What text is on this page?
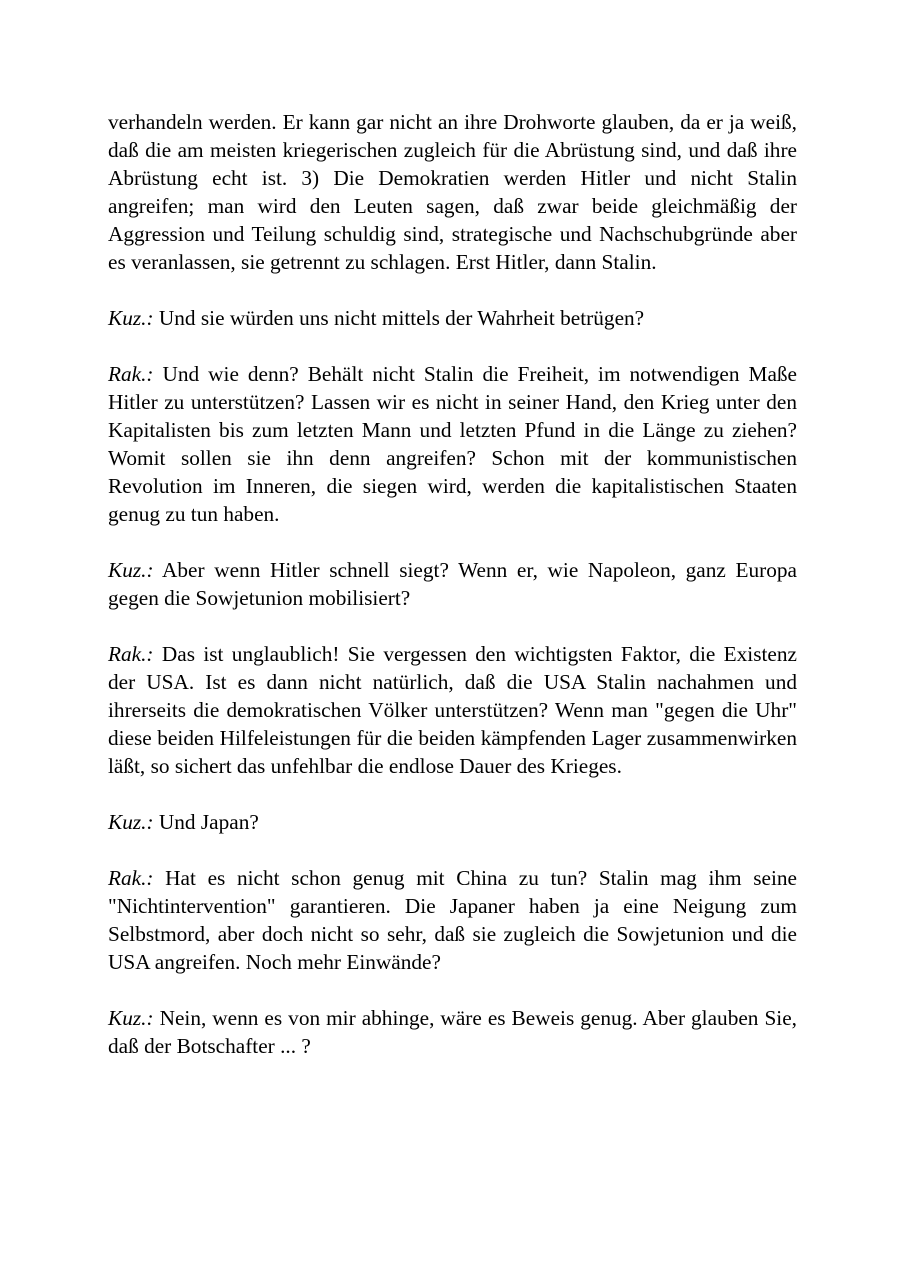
verhandeln werden. Er kann gar nicht an ihre Drohworte glauben, da er ja weiß, daß die am meisten kriegerischen zugleich für die Abrüstung sind, und daß ihre Abrüstung echt ist. 3) Die Demokratien werden Hitler und nicht Stalin angreifen; man wird den Leuten sagen, daß zwar beide gleichmäßig der Aggression und Teilung schuldig sind, strategische und Nachschubgründe aber es veranlassen, sie getrennt zu schlagen. Erst Hitler, dann Stalin.

Kuz.: Und sie würden uns nicht mittels der Wahrheit betrügen?

Rak.: Und wie denn? Behält nicht Stalin die Freiheit, im notwendigen Maße Hitler zu unterstützen? Lassen wir es nicht in seiner Hand, den Krieg unter den Kapitalisten bis zum letzten Mann und letzten Pfund in die Länge zu ziehen? Womit sollen sie ihn denn angreifen? Schon mit der kommunistischen Revolution im Inneren, die siegen wird, werden die kapitalistischen Staaten genug zu tun haben.

Kuz.: Aber wenn Hitler schnell siegt? Wenn er, wie Napoleon, ganz Europa gegen die Sowjetunion mobilisiert?

Rak.: Das ist unglaublich! Sie vergessen den wichtigsten Faktor, die Existenz der USA. Ist es dann nicht natürlich, daß die USA Stalin nachahmen und ihrerseits die demokratischen Völker unterstützen? Wenn man "gegen die Uhr" diese beiden Hilfeleistungen für die beiden kämpfenden Lager zusammenwirken läßt, so sichert das unfehlbar die endlose Dauer des Krieges.

Kuz.: Und Japan?

Rak.: Hat es nicht schon genug mit China zu tun? Stalin mag ihm seine "Nichtintervention" garantieren. Die Japaner haben ja eine Neigung zum Selbstmord, aber doch nicht so sehr, daß sie zugleich die Sowjetunion und die USA angreifen. Noch mehr Einwände?

Kuz.: Nein, wenn es von mir abhinge, wäre es Beweis genug. Aber glauben Sie, daß der Botschafter ... ?
